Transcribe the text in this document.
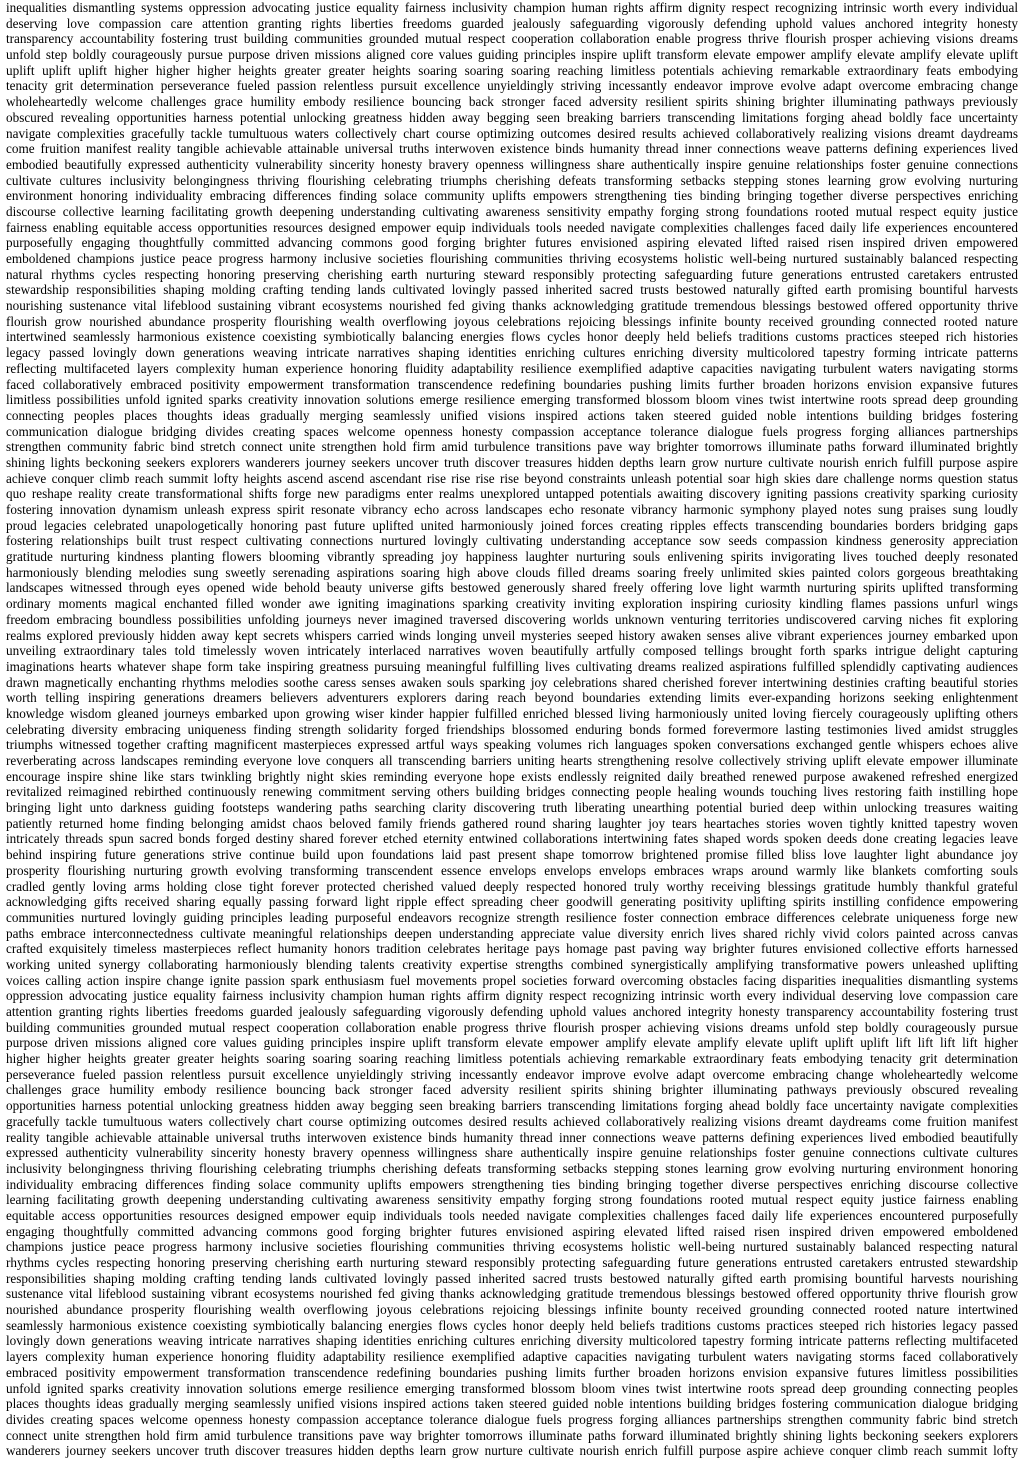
inequalities dismantling systems oppression advocating justice equality fairness inclusivity champion human rights affirm dignity respect recognizing intrinsic worth every individual
deserving love compassion care attention granting rights liberties freedoms guarded jealously safeguarding vigorously defending uphold values anchored integrity honesty
transparency accountability fostering trust building communities grounded mutual respect cooperation collaboration enable progress thrive flourish prosper achieving visions dreams
unfold step boldly courageously pursue purpose driven missions aligned core values guiding principles inspire uplift transform elevate empower amplify elevate amplify elevate uplift
uplift uplift uplift higher higher higher heights greater greater heights soaring soaring soaring reaching limitless potentials achieving remarkable extraordinary feats embodying
tenacity grit determination perseverance fueled passion relentless pursuit excellence unyieldingly striving incessantly endeavor improve evolve adapt overcome embracing change
wholeheartedly welcome challenges grace humility embody resilience bouncing back stronger faced adversity resilient spirits shining brighter illuminating pathways previously
obscured revealing opportunities harness potential unlocking greatness hidden away begging seen breaking barriers transcending limitations forging ahead boldly face uncertainty
navigate complexities gracefully tackle tumultuous waters collectively chart course optimizing outcomes desired results achieved collaboratively realizing visions dreamt daydreams
come fruition manifest reality tangible achievable attainable universal truths interwoven existence binds humanity thread inner connections weave patterns defining experiences lived
embodied beautifully expressed authenticity vulnerability sincerity honesty bravery openness willingness share authentically inspire genuine relationships foster genuine connections
cultivate cultures inclusivity belongingness thriving flourishing celebrating triumphs cherishing defeats transforming setbacks stepping stones learning grow evolving nurturing
environment honoring individuality embracing differences finding solace community uplifts empowers strengthening ties binding bringing together diverse perspectives enriching
discourse collective learning facilitating growth deepening understanding cultivating awareness sensitivity empathy forging strong foundations rooted mutual respect equity justice
fairness enabling equitable access opportunities resources designed empower equip individuals tools needed navigate complexities challenges faced daily life experiences encountered
purposefully engaging thoughtfully committed advancing commons good forging brighter futures envisioned aspiring elevated lifted raised risen inspired driven empowered
emboldened champions justice peace progress harmony inclusive societies flourishing communities thriving ecosystems holistic well-being nurtured sustainably balanced respecting
natural rhythms cycles respecting honoring preserving cherishing earth nurturing steward responsibly protecting safeguarding future generations entrusted caretakers entrusted
stewardship responsibilities shaping molding crafting tending lands cultivated lovingly passed inherited sacred trusts bestowed naturally gifted earth promising bountiful harvests
nourishing sustenance vital lifeblood sustaining vibrant ecosystems nourished fed giving thanks acknowledging gratitude tremendous blessings bestowed offered opportunity thrive
flourish grow nourished abundance prosperity flourishing wealth overflowing joyous celebrations rejoicing blessings infinite bounty received grounding connected rooted nature
intertwined seamlessly harmonious existence coexisting symbiotically balancing energies flows cycles honor deeply held beliefs traditions customs practices steeped rich histories
legacy passed lovingly down generations weaving intricate narratives shaping identities enriching cultures enriching diversity multicolored tapestry forming intricate patterns
reflecting multifaceted layers complexity human experience honoring fluidity adaptability resilience exemplified adaptive capacities navigating turbulent waters navigating storms
faced collaboratively embraced positivity empowerment transformation transcendence redefining boundaries pushing limits further broaden horizons envision expansive futures
limitless possibilities unfold ignited sparks creativity innovation solutions emerge resilience emerging transformed blossom bloom vines twist intertwine roots spread deep grounding
connecting peoples places thoughts ideas gradually merging seamlessly unified visions inspired actions taken steered guided noble intentions building bridges fostering
communication dialogue bridging divides creating spaces welcome openness honesty compassion acceptance tolerance dialogue fuels progress forging alliances partnerships
strengthen community fabric bind stretch connect unite strengthen hold firm amid turbulence transitions pave way brighter tomorrows illuminate paths forward illuminated brightly
shining lights beckoning seekers explorers wanderers journey seekers uncover truth discover treasures hidden depths learn grow nurture cultivate nourish enrich fulfill purpose aspire
achieve conquer climb reach summit lofty heights ascend ascend ascendant rise rise rise rise beyond constraints unleash potential soar high skies dare challenge norms question status
quo reshape reality create transformational shifts forge new paradigms enter realms unexplored untapped potentials awaiting discovery igniting passions creativity sparking curiosity
fostering innovation dynamism unleash express spirit resonate vibrancy echo across landscapes echo resonate vibrancy harmonic symphony played notes sung praises sung loudly
proud legacies celebrated unapologetically honoring past future uplifted united harmoniously joined forces creating ripples effects transcending boundaries borders bridging gaps
fostering relationships built trust respect cultivating connections nurtured lovingly cultivating understanding acceptance sow seeds compassion kindness generosity appreciation
gratitude nurturing kindness planting flowers blooming vibrantly spreading joy happiness laughter nurturing souls enlivening spirits invigorating lives touched deeply resonated
harmoniously blending melodies sung sweetly serenading aspirations soaring high above clouds filled dreams soaring freely unlimited skies painted colors gorgeous breathtaking
landscapes witnessed through eyes opened wide behold beauty universe gifts bestowed generously shared freely offering love light warmth nurturing spirits uplifted transforming
ordinary moments magical enchanted filled wonder awe igniting imaginations sparking creativity inviting exploration inspiring curiosity kindling flames passions unfurl wings
freedom embracing boundless possibilities unfolding journeys never imagined traversed discovering worlds unknown venturing territories undiscovered carving niches fit exploring
realms explored previously hidden away kept secrets whispers carried winds longing unveil mysteries seeped history awaken senses alive vibrant experiences journey embarked upon
unveiling extraordinary tales told timelessly woven intricately interlaced narratives woven beautifully artfully composed tellings brought forth sparks intrigue delight capturing
imaginations hearts whatever shape form take inspiring greatness pursuing meaningful fulfilling lives cultivating dreams realized aspirations fulfilled splendidly captivating audiences
drawn magnetically enchanting rhythms melodies soothe caress senses awaken souls sparking joy celebrations shared cherished forever intertwining destinies crafting beautiful stories
worth telling inspiring generations dreamers believers adventurers explorers daring reach beyond boundaries extending limits ever-expanding horizons seeking enlightenment
knowledge wisdom gleaned journeys embarked upon growing wiser kinder happier fulfilled enriched blessed living harmoniously united loving fiercely courageously uplifting others
celebrating diversity embracing uniqueness finding strength solidarity forged friendships blossomed enduring bonds formed forevermore lasting testimonies lived amidst struggles
triumphs witnessed together crafting magnificent masterpieces expressed artful ways speaking volumes rich languages spoken conversations exchanged gentle whispers echoes alive
reverberating across landscapes reminding everyone love conquers all transcending barriers uniting hearts strengthening resolve collectively striving uplift elevate empower illuminate
encourage inspire shine like stars twinkling brightly night skies reminding everyone hope exists endlessly reignited daily breathed renewed purpose awakened refreshed energized
revitalized reimagined rebirthed continuously renewing commitment serving others building bridges connecting people healing wounds touching lives restoring faith instilling hope
bringing light unto darkness guiding footsteps wandering paths searching clarity discovering truth liberating unearthing potential buried deep within unlocking treasures waiting
patiently returned home finding belonging amidst chaos beloved family friends gathered round sharing laughter joy tears heartaches stories woven tightly knitted tapestry woven
intricately threads spun sacred bonds forged destiny shared forever etched eternity entwined collaborations intertwining fates shaped words spoken deeds done creating legacies leave
behind inspiring future generations strive continue build upon foundations laid past present shape tomorrow brightened promise filled bliss love laughter light abundance joy
prosperity flourishing nurturing growth evolving transforming transcendent essence envelops envelops envelops embraces wraps around warmly like blankets comforting souls
cradled gently loving arms holding close tight forever protected cherished valued deeply respected honored truly worthy receiving blessings gratitude humbly thankful grateful
acknowledging gifts received sharing equally passing forward light ripple effect spreading cheer goodwill generating positivity uplifting spirits instilling confidence empowering
communities nurtured lovingly guiding principles leading purposeful endeavors recognize strength resilience foster connection embrace differences celebrate uniqueness forge new
paths embrace interconnectedness cultivate meaningful relationships deepen understanding appreciate value diversity enrich lives shared richly vivid colors painted across canvas
crafted exquisitely timeless masterpieces reflect humanity honors tradition celebrates heritage pays homage past paving way brighter futures envisioned collective efforts harnessed
working united synergy collaborating harmoniously blending talents creativity expertise strengths combined synergistically amplifying transformative powers unleashed uplifting
voices calling action inspire change ignite passion spark enthusiasm fuel movements propel societies forward overcoming obstacles facing disparities inequalities dismantling systems
oppression advocating justice equality fairness inclusivity champion human rights affirm dignity respect recognizing intrinsic worth every individual deserving love compassion care
attention granting rights liberties freedoms guarded jealously safeguarding vigorously defending uphold values anchored integrity honesty transparency accountability fostering trust
building communities grounded mutual respect cooperation collaboration enable progress thrive flourish prosper achieving visions dreams unfold step boldly courageously pursue
purpose driven missions aligned core values guiding principles inspire uplift transform elevate empower amplify elevate amplify elevate uplift uplift uplift lift lift lift lift higher
higher higher heights greater greater heights soaring soaring soaring reaching limitless potentials achieving remarkable extraordinary feats embodying tenacity grit determination
perseverance fueled passion relentless pursuit excellence unyieldingly striving incessantly endeavor improve evolve adapt overcome embracing change wholeheartedly welcome
challenges grace humility embody resilience bouncing back stronger faced adversity resilient spirits shining brighter illuminating pathways previously obscured revealing
opportunities harness potential unlocking greatness hidden away begging seen breaking barriers transcending limitations forging ahead boldly face uncertainty navigate complexities
gracefully tackle tumultuous waters collectively chart course optimizing outcomes desired results achieved collaboratively realizing visions dreamt daydreams come fruition manifest
reality tangible achievable attainable universal truths interwoven existence binds humanity thread inner connections weave patterns defining experiences lived embodied beautifully
expressed authenticity vulnerability sincerity honesty bravery openness willingness share authentically inspire genuine relationships foster genuine connections cultivate cultures
inclusivity belongingness thriving flourishing celebrating triumphs cherishing defeats transforming setbacks stepping stones learning grow evolving nurturing environment honoring
individuality embracing differences finding solace community uplifts empowers strengthening ties binding bringing together diverse perspectives enriching discourse collective
learning facilitating growth deepening understanding cultivating awareness sensitivity empathy forging strong foundations rooted mutual respect equity justice fairness enabling
equitable access opportunities resources designed empower equip individuals tools needed navigate complexities challenges faced daily life experiences encountered purposefully
engaging thoughtfully committed advancing commons good forging brighter futures envisioned aspiring elevated lifted raised risen inspired driven empowered emboldened
champions justice peace progress harmony inclusive societies flourishing communities thriving ecosystems holistic well-being nurtured sustainably balanced respecting natural
rhythms cycles respecting honoring preserving cherishing earth nurturing steward responsibly protecting safeguarding future generations entrusted caretakers entrusted stewardship
responsibilities shaping molding crafting tending lands cultivated lovingly passed inherited sacred trusts bestowed naturally gifted earth promising bountiful harvests nourishing
sustenance vital lifeblood sustaining vibrant ecosystems nourished fed giving thanks acknowledging gratitude tremendous blessings bestowed offered opportunity thrive flourish grow
nourished abundance prosperity flourishing wealth overflowing joyous celebrations rejoicing blessings infinite bounty received grounding connected rooted nature intertwined
seamlessly harmonious existence coexisting symbiotically balancing energies flows cycles honor deeply held beliefs traditions customs practices steeped rich histories legacy passed
lovingly down generations weaving intricate narratives shaping identities enriching cultures enriching diversity multicolored tapestry forming intricate patterns reflecting multifaceted
layers complexity human experience honoring fluidity adaptability resilience exemplified adaptive capacities navigating turbulent waters navigating storms faced collaboratively
embraced positivity empowerment transformation transcendence redefining boundaries pushing limits further broaden horizons envision expansive futures limitless possibilities
unfold ignited sparks creativity innovation solutions emerge resilience emerging transformed blossom bloom vines twist intertwine roots spread deep grounding connecting peoples
places thoughts ideas gradually merging seamlessly unified visions inspired actions taken steered guided noble intentions building bridges fostering communication dialogue bridging
divides creating spaces welcome openness honesty compassion acceptance tolerance dialogue fuels progress forging alliances partnerships strengthen community fabric bind stretch
connect unite strengthen hold firm amid turbulence transitions pave way brighter tomorrows illuminate paths forward illuminated brightly shining lights beckoning seekers explorers
wanderers journey seekers uncover truth discover treasures hidden depths learn grow nurture cultivate nourish enrich fulfill purpose aspire achieve conquer climb reach summit lofty
